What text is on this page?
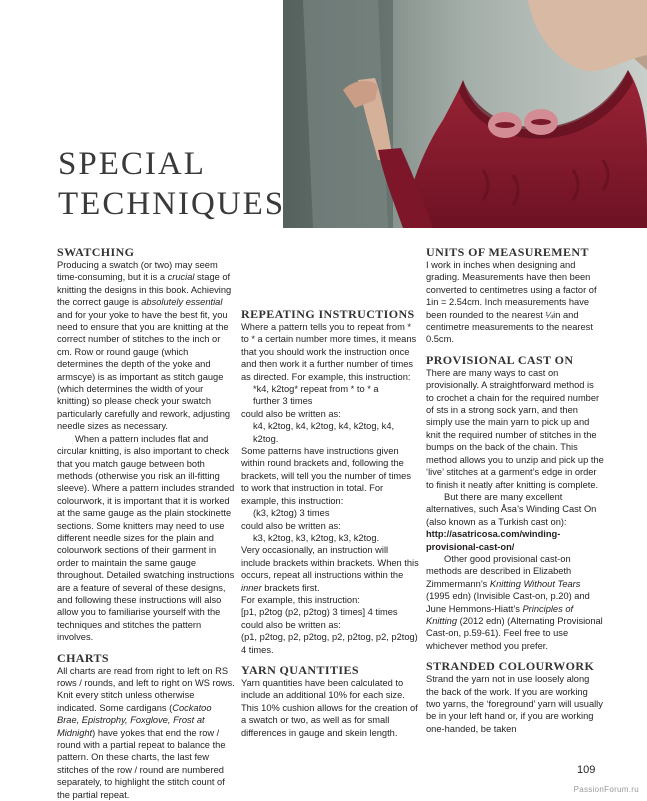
SPECIAL
TECHNIQUES
SWATCHING

Producing a swatch (or two) may seem time-consuming, but it is a crucial stage of knitting the designs in this book. Achieving the correct gauge is absolutely essential and for your yoke to have the best fit, you need to ensure that you are knitting at the correct number of stitches to the inch or cm. Row or round gauge (which determines the depth of the yoke and armscye) is as important as stitch gauge (which determines the width of your knitting) so please check your swatch particularly carefully and rework, adjusting needle sizes as necessary.

When a pattern includes flat and circular knitting, is also important to check that you match gauge between both methods (otherwise you risk an ill-fitting sleeve). Where a pattern includes stranded colourwork, it is important that it is worked at the same gauge as the plain stockinette sections. Some knitters may need to use different needle sizes for the plain and colourwork sections of their garment in order to maintain the same gauge throughout. Detailed swatching instructions are a feature of several of these designs, and following these instructions will also allow you to familiarise yourself with the techniques and stitches the pattern involves.

CHARTS

All charts are read from right to left on RS rows / rounds, and left to right on WS rows. Knit every stitch unless otherwise indicated. Some cardigans (Cockatoo Brae, Epistrophy, Foxglove, Frost at Midnight) have yokes that end the row / round with a partial repeat to balance the pattern. On these charts, the last few stitches of the row / round are numbered separately, to highlight the stitch count of the partial repeat.

REPEATING INSTRUCTIONS

Where a pattern tells you to repeat from * to * a certain number more times, it means that you should work the instruction once and then work it a further number of times as directed. For example, this instruction:

*k4, k2tog* repeat from * to * a

further 3 times

could also be written as:

k4, k2tog, k4, k2tog, k4, k2tog, k4, k2tog.

Some patterns have instructions given within round brackets and, following the brackets, will tell you the number of times to work that instruction in total. For example, this instruction:

(k3, k2tog) 3 times

could also be written as:

k3, k2tog, k3, k2tog, k3, k2tog.

Very occasionally, an instruction will include brackets within brackets. When this occurs, repeat all instructions within the inner brackets first.

For example, this instruction:

[p1, p2tog (p2, p2tog) 3 times] 4 times

could also be written as:

(p1, p2tog, p2, p2tog, p2, p2tog, p2, p2tog) 4 times.

YARN QUANTITIES

Yarn quantities have been calculated to include an additional 10% for each size. This 10% cushion allows for the creation of a swatch or two, as well as for small differences in gauge and skein length.

UNITS OF MEASUREMENT

I work in inches when designing and grading. Measurements have then been converted to centimetres using a factor of 1in = 2.54cm. Inch measurements have been rounded to the nearest ¼in and centimetre measurements to the nearest 0.5cm.

PROVISIONAL CAST ON

There are many ways to cast on provisionally. A straightforward method is to crochet a chain for the required number of sts in a strong sock yarn, and then simply use the main yarn to pick up and knit the required number of stitches in the bumps on the back of the chain. This method allows you to unzip and pick up the ‘live’ stitches at a garment’s edge in order to finish it neatly after knitting is complete.

But there are many excellent alternatives, such Åsa’s Winding Cast On (also known as a Turkish cast on): http://asatricosa.com/winding-provisional-cast-on/

Other good provisional cast-on methods are described in Elizabeth Zimmermann’s Knitting Without Tears (1995 edn) (Invisible Cast-on, p.20) and June Hemmons-Hiatt’s Principles of Knitting (2012 edn) (Alternating Provisional Cast-on, p.59-61). Feel free to use whichever method you prefer.

STRANDED COLOURWORK

Strand the yarn not in use loosely along the back of the work. If you are working two yarns, the ‘foreground’ yarn will usually be in your left hand or, if you are working one-handed, be taken

109
PassionForum.ru
